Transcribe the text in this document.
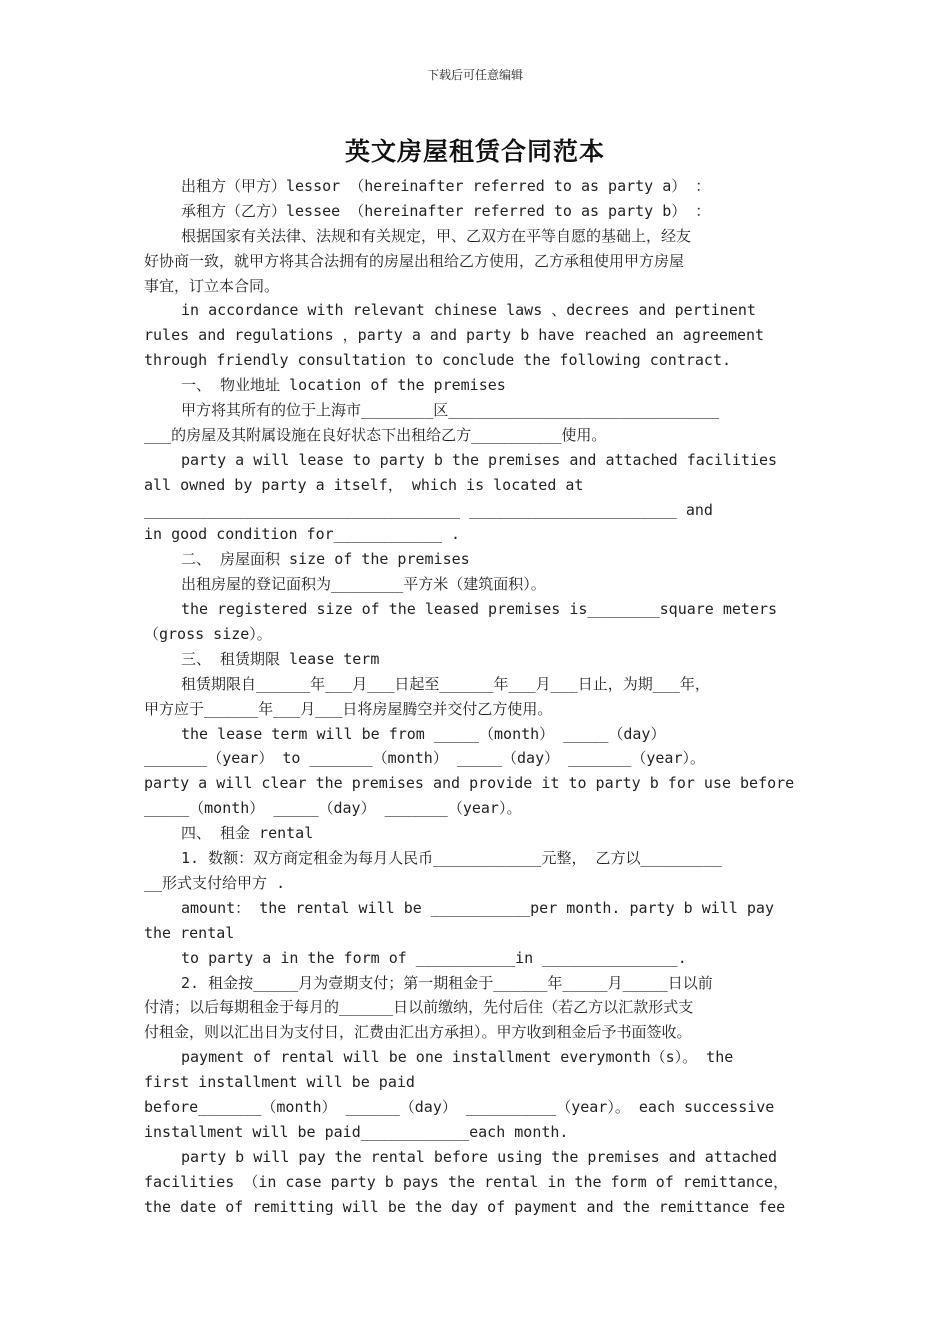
下载后可任意编辑
英文房屋租赁合同范本
出租方（甲方）lessor （hereinafter referred to as party a） ：
承租方（乙方）lessee （hereinafter referred to as party b） ：
根据国家有关法律、法规和有关规定，甲、乙双方在平等自愿的基础上，经友
好协商一致，就甲方将其合法拥有的房屋出租给乙方使用，乙方承租使用甲方房屋
事宜，订立本合同。
in accordance with relevant chinese laws 、decrees and pertinent
rules and regulations ，party a and party b have reached an agreement
through friendly consultation to conclude the following contract.
一、 物业地址 location of the premises
甲方将其所有的位于上海市________区______________________________
___的房屋及其附属设施在良好状态下出租给乙方__________使用。
party a will lease to party b the premises and attached facilities
all owned by party a itself， which is located at
___________________________________ _______________________ and
in good condition for____________ .
二、 房屋面积 size of the premises
出租房屋的登记面积为________平方米（建筑面积）。
the registered size of the leased premises is________square meters
（gross size）。
三、 租赁期限 lease term
租赁期限自______年___月___日起至______年___月___日止，为期___年，
甲方应于______年___月___日将房屋腾空并交付乙方使用。
the lease term will be from _____（month） _____（day）
_______（year） to _______（month） _____（day） _______（year）。
party a will clear the premises and provide it to party b for use before
_____（month） _____（day） _______（year）。
四、 租金 rental
1. 数额：双方商定租金为每月人民币____________元整， 乙方以_________
__形式支付给甲方 .
amount： the rental will be ___________per month. party b will pay
the rental
to party a in the form of ___________in _______________.
2. 租金按_____月为壹期支付；第一期租金于______年_____月_____日以前
付清；以后每期租金于每月的______日以前缴纳，先付后住（若乙方以汇款形式支
付租金，则以汇出日为支付日，汇费由汇出方承担）。甲方收到租金后予书面签收。
payment of rental will be one installment everymonth（s）。 the
first installment will be paid
before_______（month） ______（day） __________（year）。 each successive
installment will be paid____________each month.
party b will pay the rental before using the premises and attached
facilities （in case party b pays the rental in the form of remittance，
the date of remitting will be the day of payment and the remittance fee
